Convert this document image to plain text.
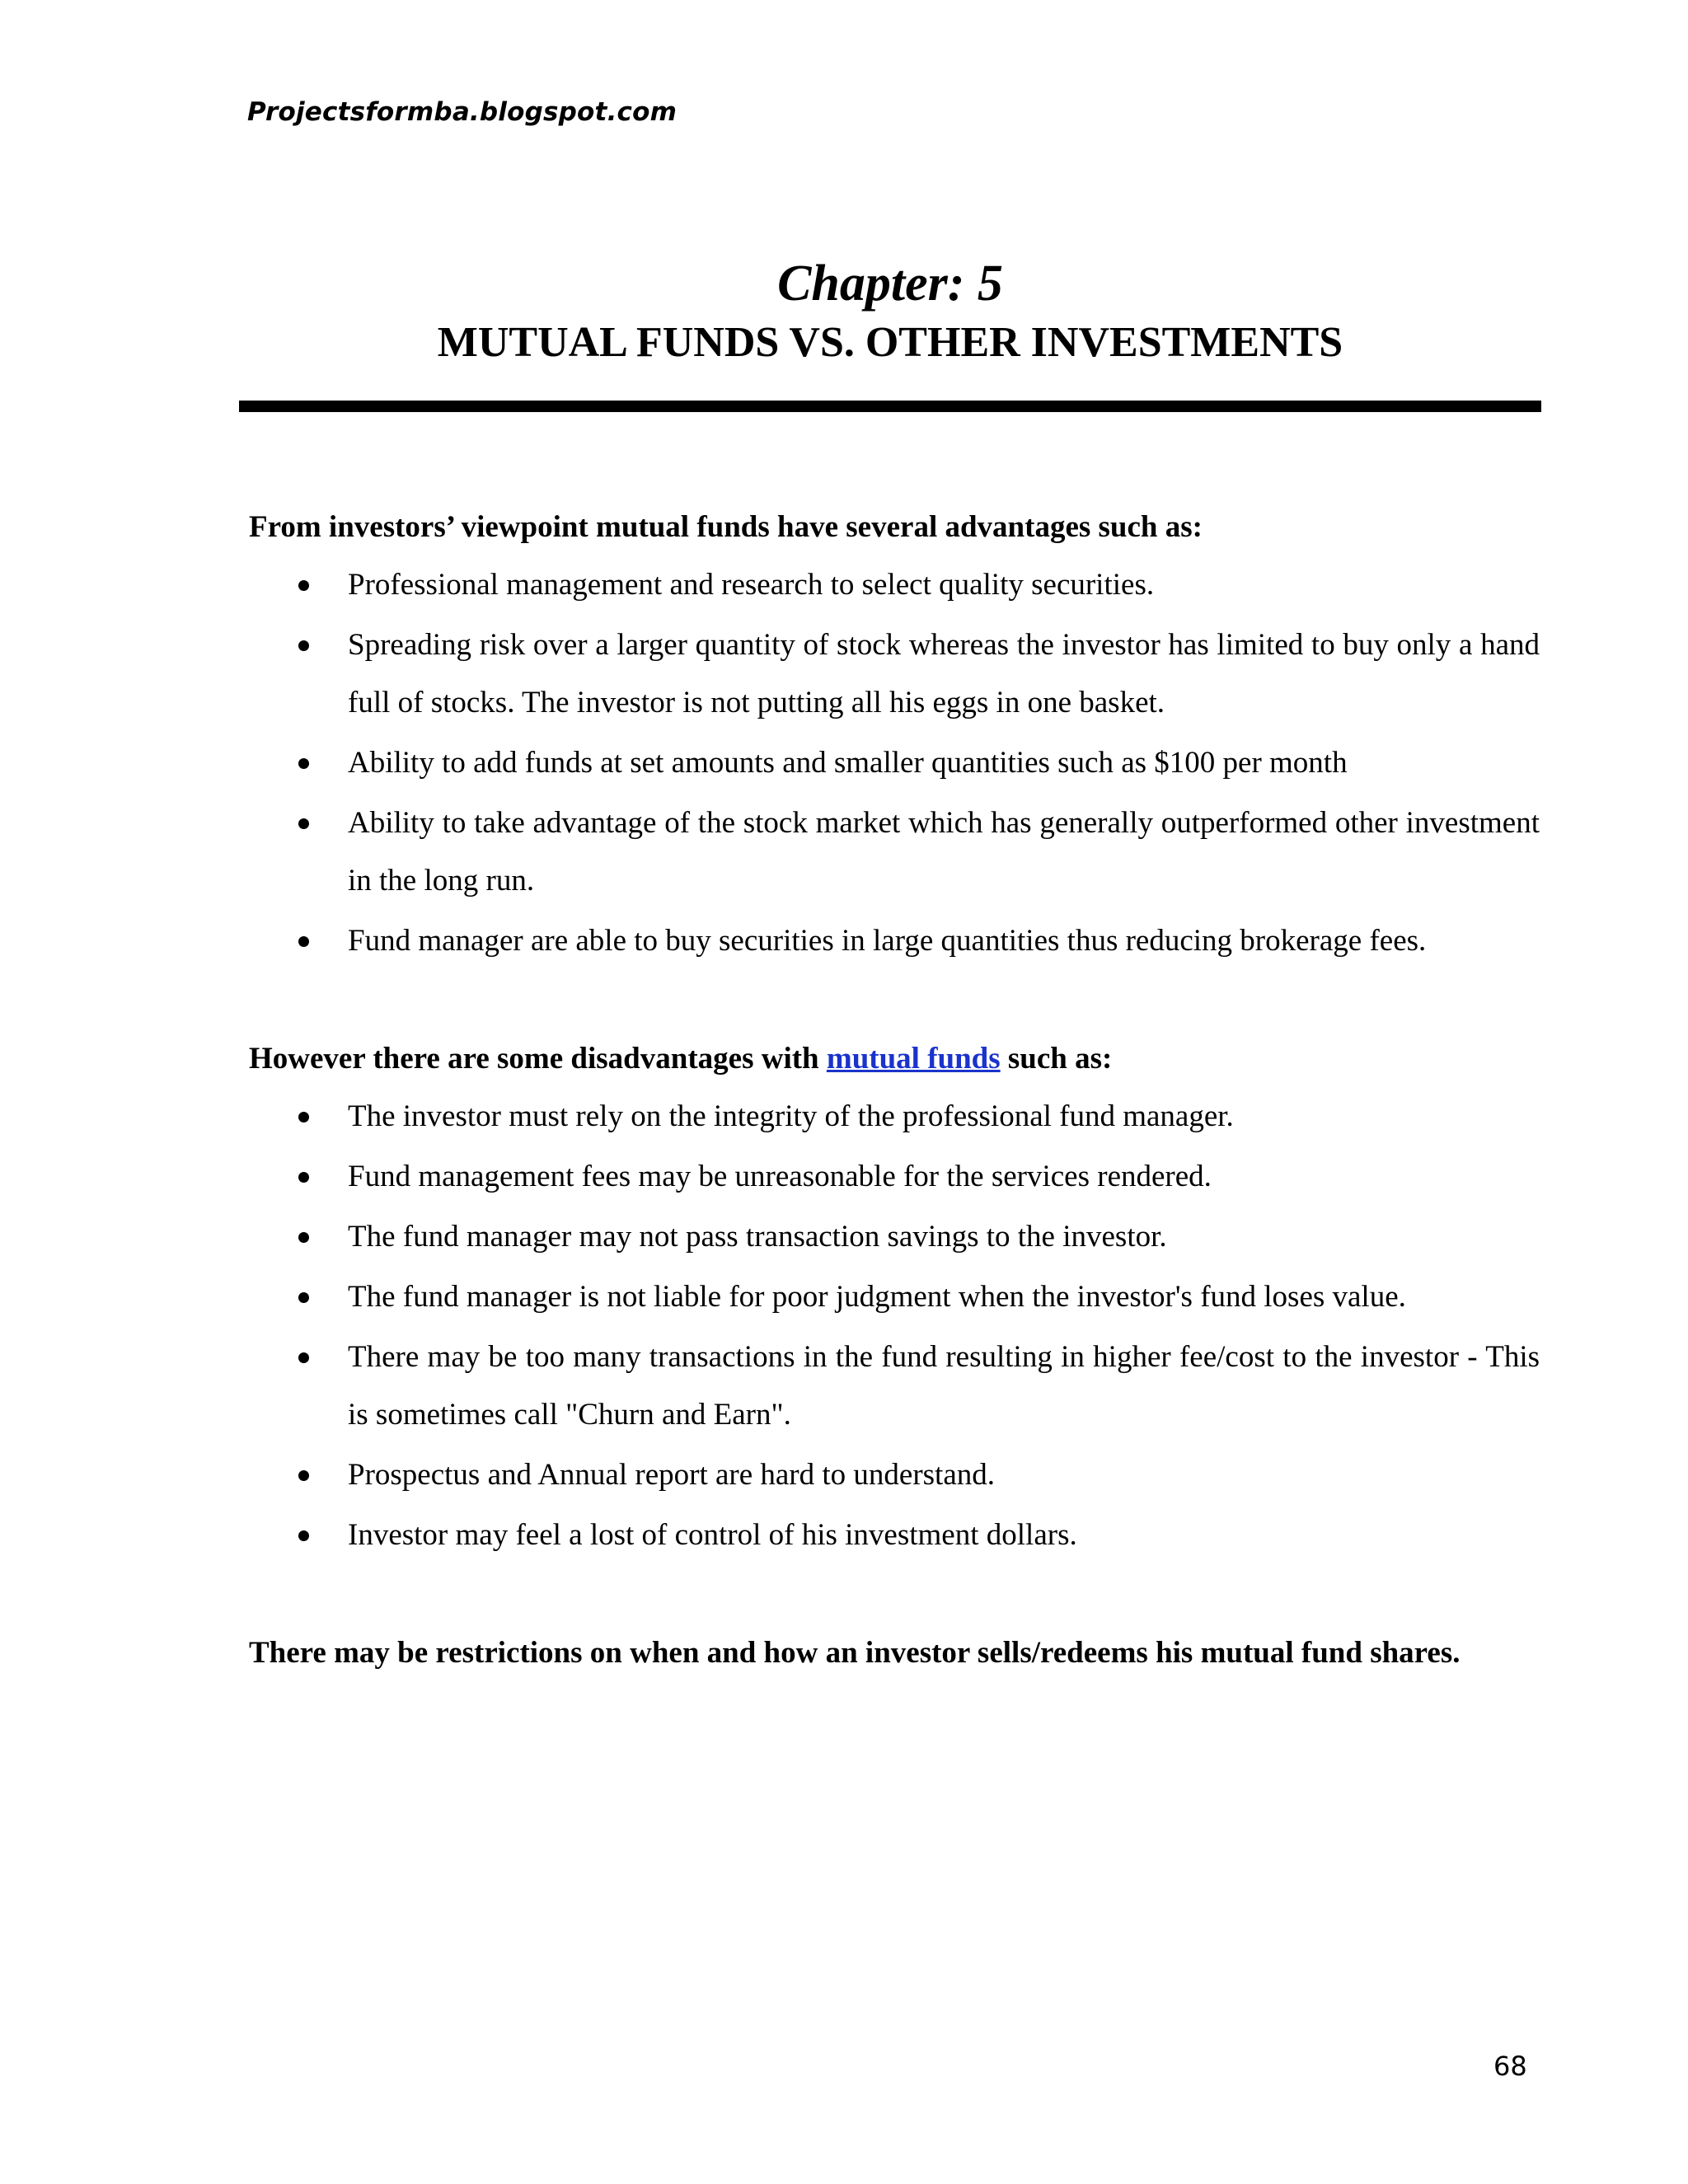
Projectsformba.blogspot.com
Chapter: 5
MUTUAL FUNDS VS. OTHER INVESTMENTS

From investors’ viewpoint mutual funds have several advantages such as:

Professional management and research to select quality securities.
Spreading risk over a larger quantity of stock whereas the investor has limited to buy only a hand full of stocks. The investor is not putting all his eggs in one basket.
Ability to add funds at set amounts and smaller quantities such as $100 per month
Ability to take advantage of the stock market which has generally outperformed other investment in the long run.
Fund manager are able to buy securities in large quantities thus reducing brokerage fees.

However there are some disadvantages with mutual funds such as:

The investor must rely on the integrity of the professional fund manager.
Fund management fees may be unreasonable for the services rendered.
The fund manager may not pass transaction savings to the investor.
The fund manager is not liable for poor judgment when the investor's fund loses value.
There may be too many transactions in the fund resulting in higher fee/cost to the investor - This is sometimes call "Churn and Earn".
Prospectus and Annual report are hard to understand.
Investor may feel a lost of control of his investment dollars.

There may be restrictions on when and how an investor sells/redeems his mutual fund shares.

68
